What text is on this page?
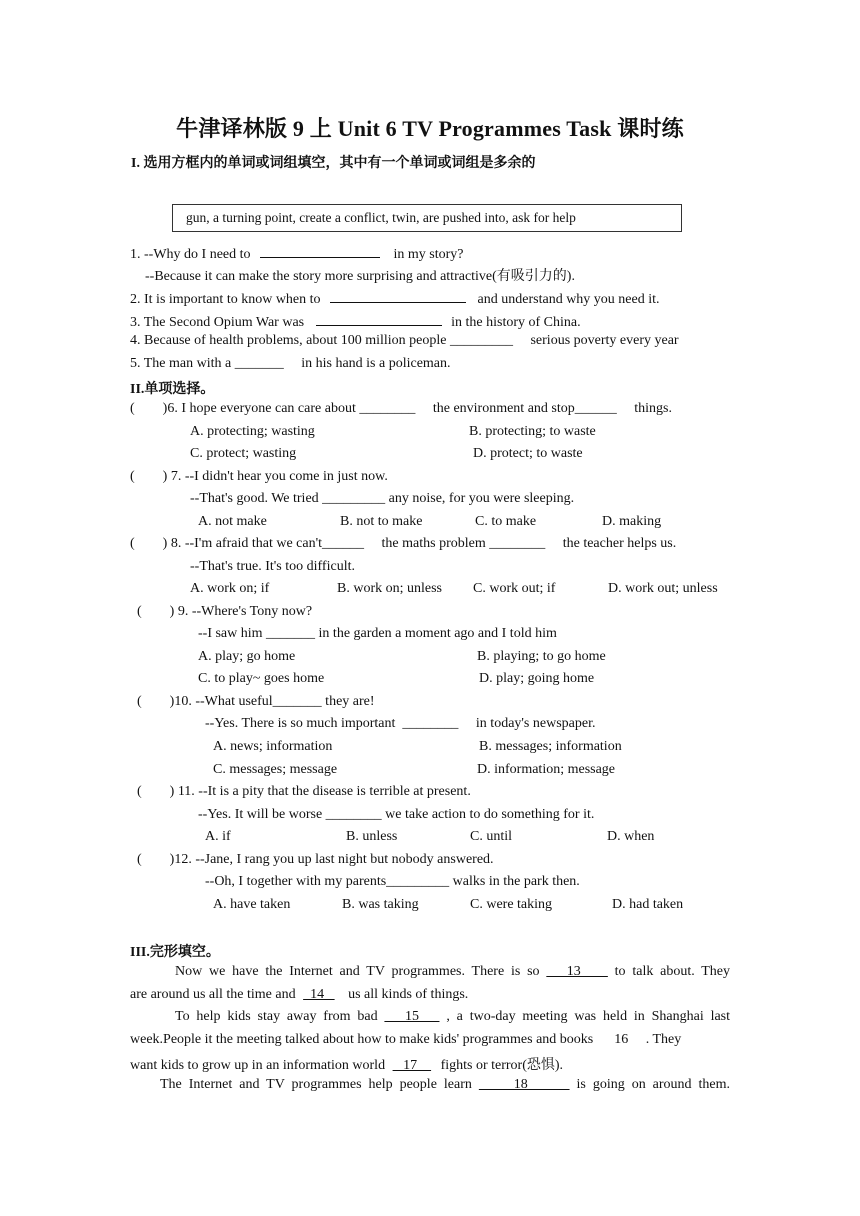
牛津译林版 9 上 Unit 6 TV Programmes Task 课时练
I. 选用方框内的单词或词组填空，其中有一个单词或词组是多余的
gun, a turning point, create a conflict, twin, are pushed into, ask for help
1. --Why do I need to	in my story?
--Because it can make the story more surprising and attractive(有吸引力的).
2. It is important to know when to	and understand why you need it.
3. The Second Opium War was	in the history of China.
4. Because of health problems, about 100 million people _________     serious poverty every year
5. The man with a _______     in his hand is a policeman.
II.单项选择。
(        )6. I hope everyone can care about ________     the environment and stop______     things.
A. protecting; wasting	B. protecting; to waste
C. protect; wasting	D. protect; to waste
(        ) 7. --I didn't hear you come in just now.
--That's good. We tried _________ any noise, for you were sleeping.
A. not make	B. not to make	C. to make	D. making
(        ) 8. --I'm afraid that we can't______     the maths problem ________     the teacher helps us.
--That's true. It's too difficult.
A. work on; if	B. work on; unless C. work out; if	D. work out; unless
(        ) 9. --Where's Tony now?
--I saw him _______ in the garden a moment ago and I told him
A. play; go home	B. playing; to go home
C. to play~ goes home	D. play; going home
(        )10. --What useful_______ they are!
--Yes. There is so much important  ________     in today's newspaper.
A. news; information	B. messages; information
C. messages; message	D. information; message
(        ) 11. --It is a pity that the disease is terrible at present.
--Yes. It will be worse ________ we take action to do something for it.
A. if	B. unless	C. until	D. when
(        )12. --Jane, I rang you up last night but nobody answered.
--Oh, I together with my parents_________ walks in the park then.
A. have taken	B. was taking	C. were taking	D. had taken
III.完形填空。
Now we have the Internet and TV programmes. There is so    13     to talk about. They
are around us all the time and   14    us all kinds of things.
To help kids stay away from bad    15    , a two-day meeting was held in Shanghai last
week.People it the meeting talked about how to make kids' programmes and books      16     . They
want kids to grow up in an information world    17     fights or terror(恐惧).
The Internet and TV programmes help people learn      18       is going on around them.
